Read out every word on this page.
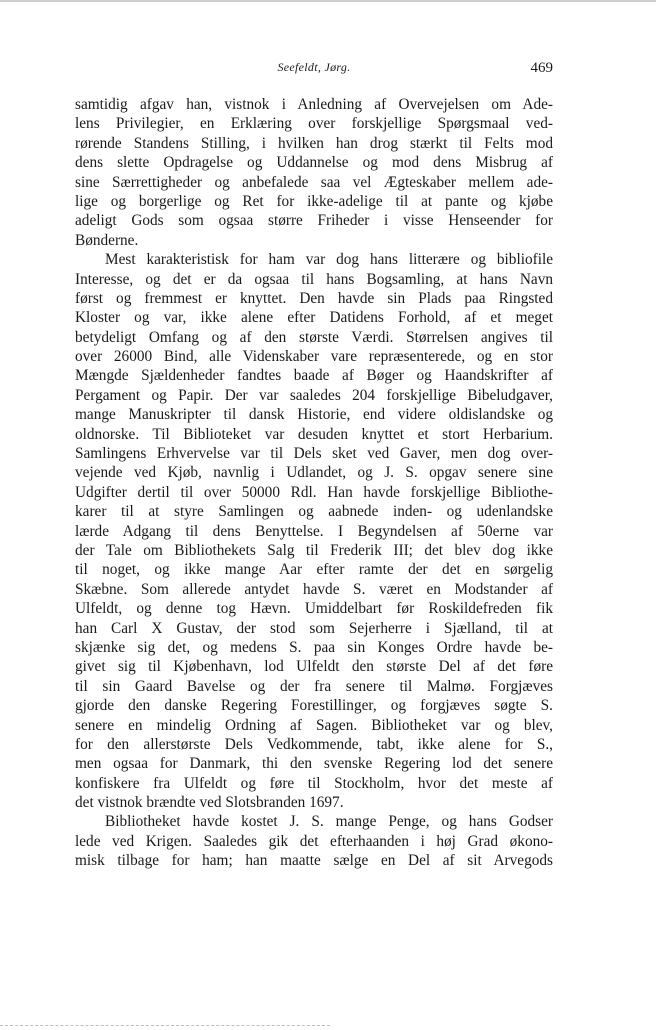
Seefeldt, Jørg.	469
samtidig afgav han, vistnok i Anledning af Overvejelsen om Ade-
lens Privilegier, en Erklæring over forskjellige Spørgsmaal ved-
rørende Standens Stilling, i hvilken han drog stærkt til Felts mod
dens slette Opdragelse og Uddannelse og mod dens Misbrug af
sine Særrettigheder og anbefalede saa vel Ægteskaber mellem ade-
lige og borgerlige og Ret for ikke-adelige til at pante og kjøbe
adeligt Gods som ogsaa større Friheder i visse Henseender for
Bønderne.
Mest karakteristisk for ham var dog hans litterære og bibliofile
Interesse, og det er da ogsaa til hans Bogsamling, at hans Navn
først og fremmest er knyttet. Den havde sin Plads paa Ringsted
Kloster og var, ikke alene efter Datidens Forhold, af et meget
betydeligt Omfang og af den største Værdi. Størrelsen angives til
over 26000 Bind, alle Videnskaber vare repræsenterede, og en stor
Mængde Sjældenheder fandtes baade af Bøger og Haandskrifter af
Pergament og Papir. Der var saaledes 204 forskjellige Bibeludgaver,
mange Manuskripter til dansk Historie, end videre oldislandske og
oldnorske. Til Biblioteket var desuden knyttet et stort Herbarium.
Samlingens Erhvervelse var til Dels sket ved Gaver, men dog over-
vejende ved Kjøb, navnlig i Udlandet, og J. S. opgav senere sine
Udgifter dertil til over 50000 Rdl. Han havde forskjellige Bibliothe-
karer til at styre Samlingen og aabnede inden- og udenlandske
lærde Adgang til dens Benyttelse. I Begyndelsen af 50erne var
der Tale om Bibliothekets Salg til Frederik III; det blev dog ikke
til noget, og ikke mange Aar efter ramte der det en sørgelig
Skæbne. Som allerede antydet havde S. været en Modstander af
Ulfeldt, og denne tog Hævn. Umiddelbart før Roskildefreden fik
han Carl X Gustav, der stod som Sejerherre i Sjælland, til at
skjænke sig det, og medens S. paa sin Konges Ordre havde be-
givet sig til Kjøbenhavn, lod Ulfeldt den største Del af det føre
til sin Gaard Bavelse og der fra senere til Malmø. Forgjæves
gjorde den danske Regering Forestillinger, og forgjæves søgte S.
senere en mindelig Ordning af Sagen. Bibliotheket var og blev,
for den allerstørste Dels Vedkommende, tabt, ikke alene for S.,
men ogsaa for Danmark, thi den svenske Regering lod det senere
konfiskere fra Ulfeldt og føre til Stockholm, hvor det meste af
det vistnok brændte ved Slotsbranden 1697.
Bibliotheket havde kostet J. S. mange Penge, og hans Godser
lede ved Krigen. Saaledes gik det efterhaanden i høj Grad økono-
misk tilbage for ham; han maatte sælge en Del af sit Arvegods
